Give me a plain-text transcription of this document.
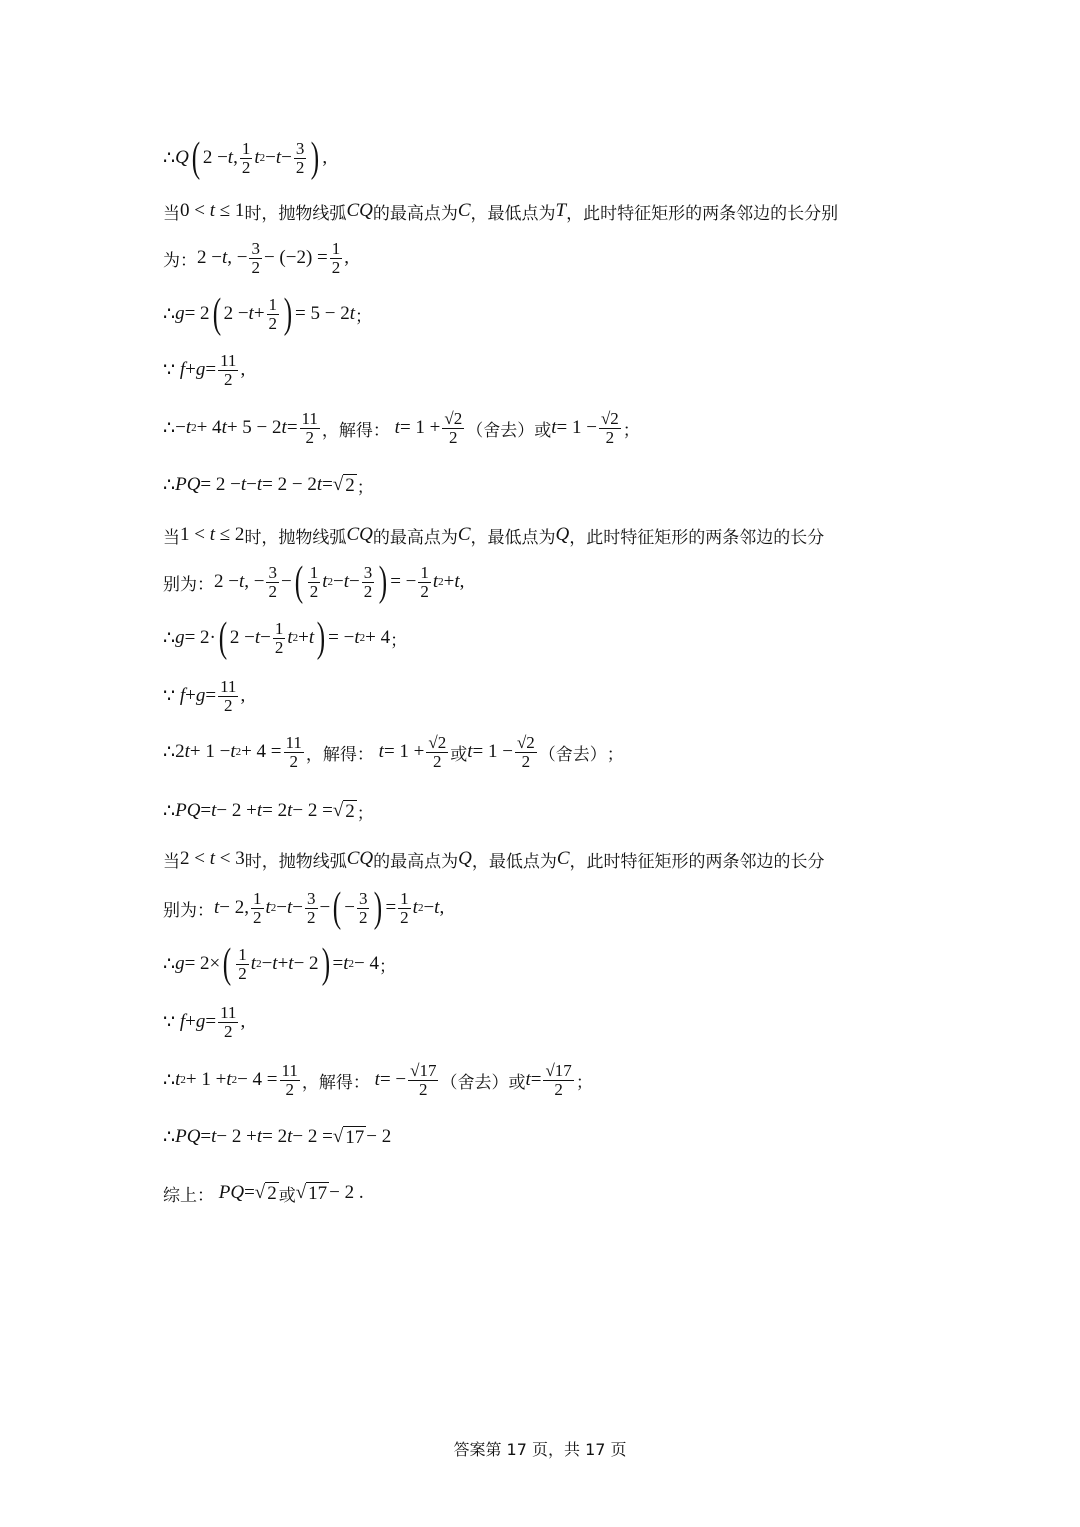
∴ Q ( 2 − t , $\frac{1}{2}$ t $2 - t - \frac{3}{2}$ ) ,
当 0 < t ≤ 1 时，抛物线弧 CQ 的最高点为 C ，最低点为 T ，此时特征矩形的两条邻边的长分别
为： 2 − t , − $\frac{3}{2} - (-2) = \frac{1}{2}$ ,
∴ g = 2 ( $2 - t + \frac{1}{2}$ ) = 5 − 2 t ；
∵
$f + g = \frac{11}{2}$ ,
∴ − t 2 + 4 t + 5 − 2 $t = \frac{11}{2}$ ，解得：
$t = 1 + \frac{√2}{2}$ （舍去） 或 $t = 1 - \frac{√2}{2}$ ；
∴ PQ = 2 − t − t = 2 − 2 t = √ 2 ；
当 1 < t ≤ 2 时，抛物线弧 CQ 的最高点为 C ，最低点为 Q ，此时特征矩形的两条邻边的长分
别为： 2 − t , − $\frac{3}{2}$ − ( $\frac{1}{2}$ t $2 - t - \frac{3}{2}$ ) = − $\frac{1}{2}$ t 2 + t ,
∴ g = 2· ( $2 - t - \frac{1}{2}$ t 2 + t ) = − t 2 + 4 ；
∵
$f + g = \frac{11}{2}$ ,
∴ 2 t + 1 − t $2 + 4 = \frac{11}{2}$ ，解得：
$t = 1 + \frac{√2}{2}$ 或 $t = 1 - \frac{√2}{2}$ （舍去） ；
∴ PQ = t − 2 + t = 2 t − 2 = √ 2 ；
当 2 < t < 3 时，抛物线弧 CQ 的最高点为 Q ，最低点为 C ，此时特征矩形的两条邻边的长分
别为： t − 2, $\frac{1}{2}$ t $2 - t - \frac{3}{2}$ − ( − $\frac{3}{2}$ ) = $\frac{1}{2}$ t 2 − t ,
∴ g = 2× ( $\frac{1}{2}$ t 2 − t + t − 2 ) = t 2 − 4 ；
∵
$f + g = \frac{11}{2}$ ,
∴ t 2 + 1 + t $2 - 4 = \frac{11}{2}$ ，解得：
t = − $\frac{√17}{2}$ （舍去） 或 $t = \frac{√17}{2}$ ；
∴ PQ = t − 2 + t = 2 t − 2 = √ 17 − 2
综上：
PQ = √ 2 或 √ 17 − 2 .
答案第 17 页，共 17 页
